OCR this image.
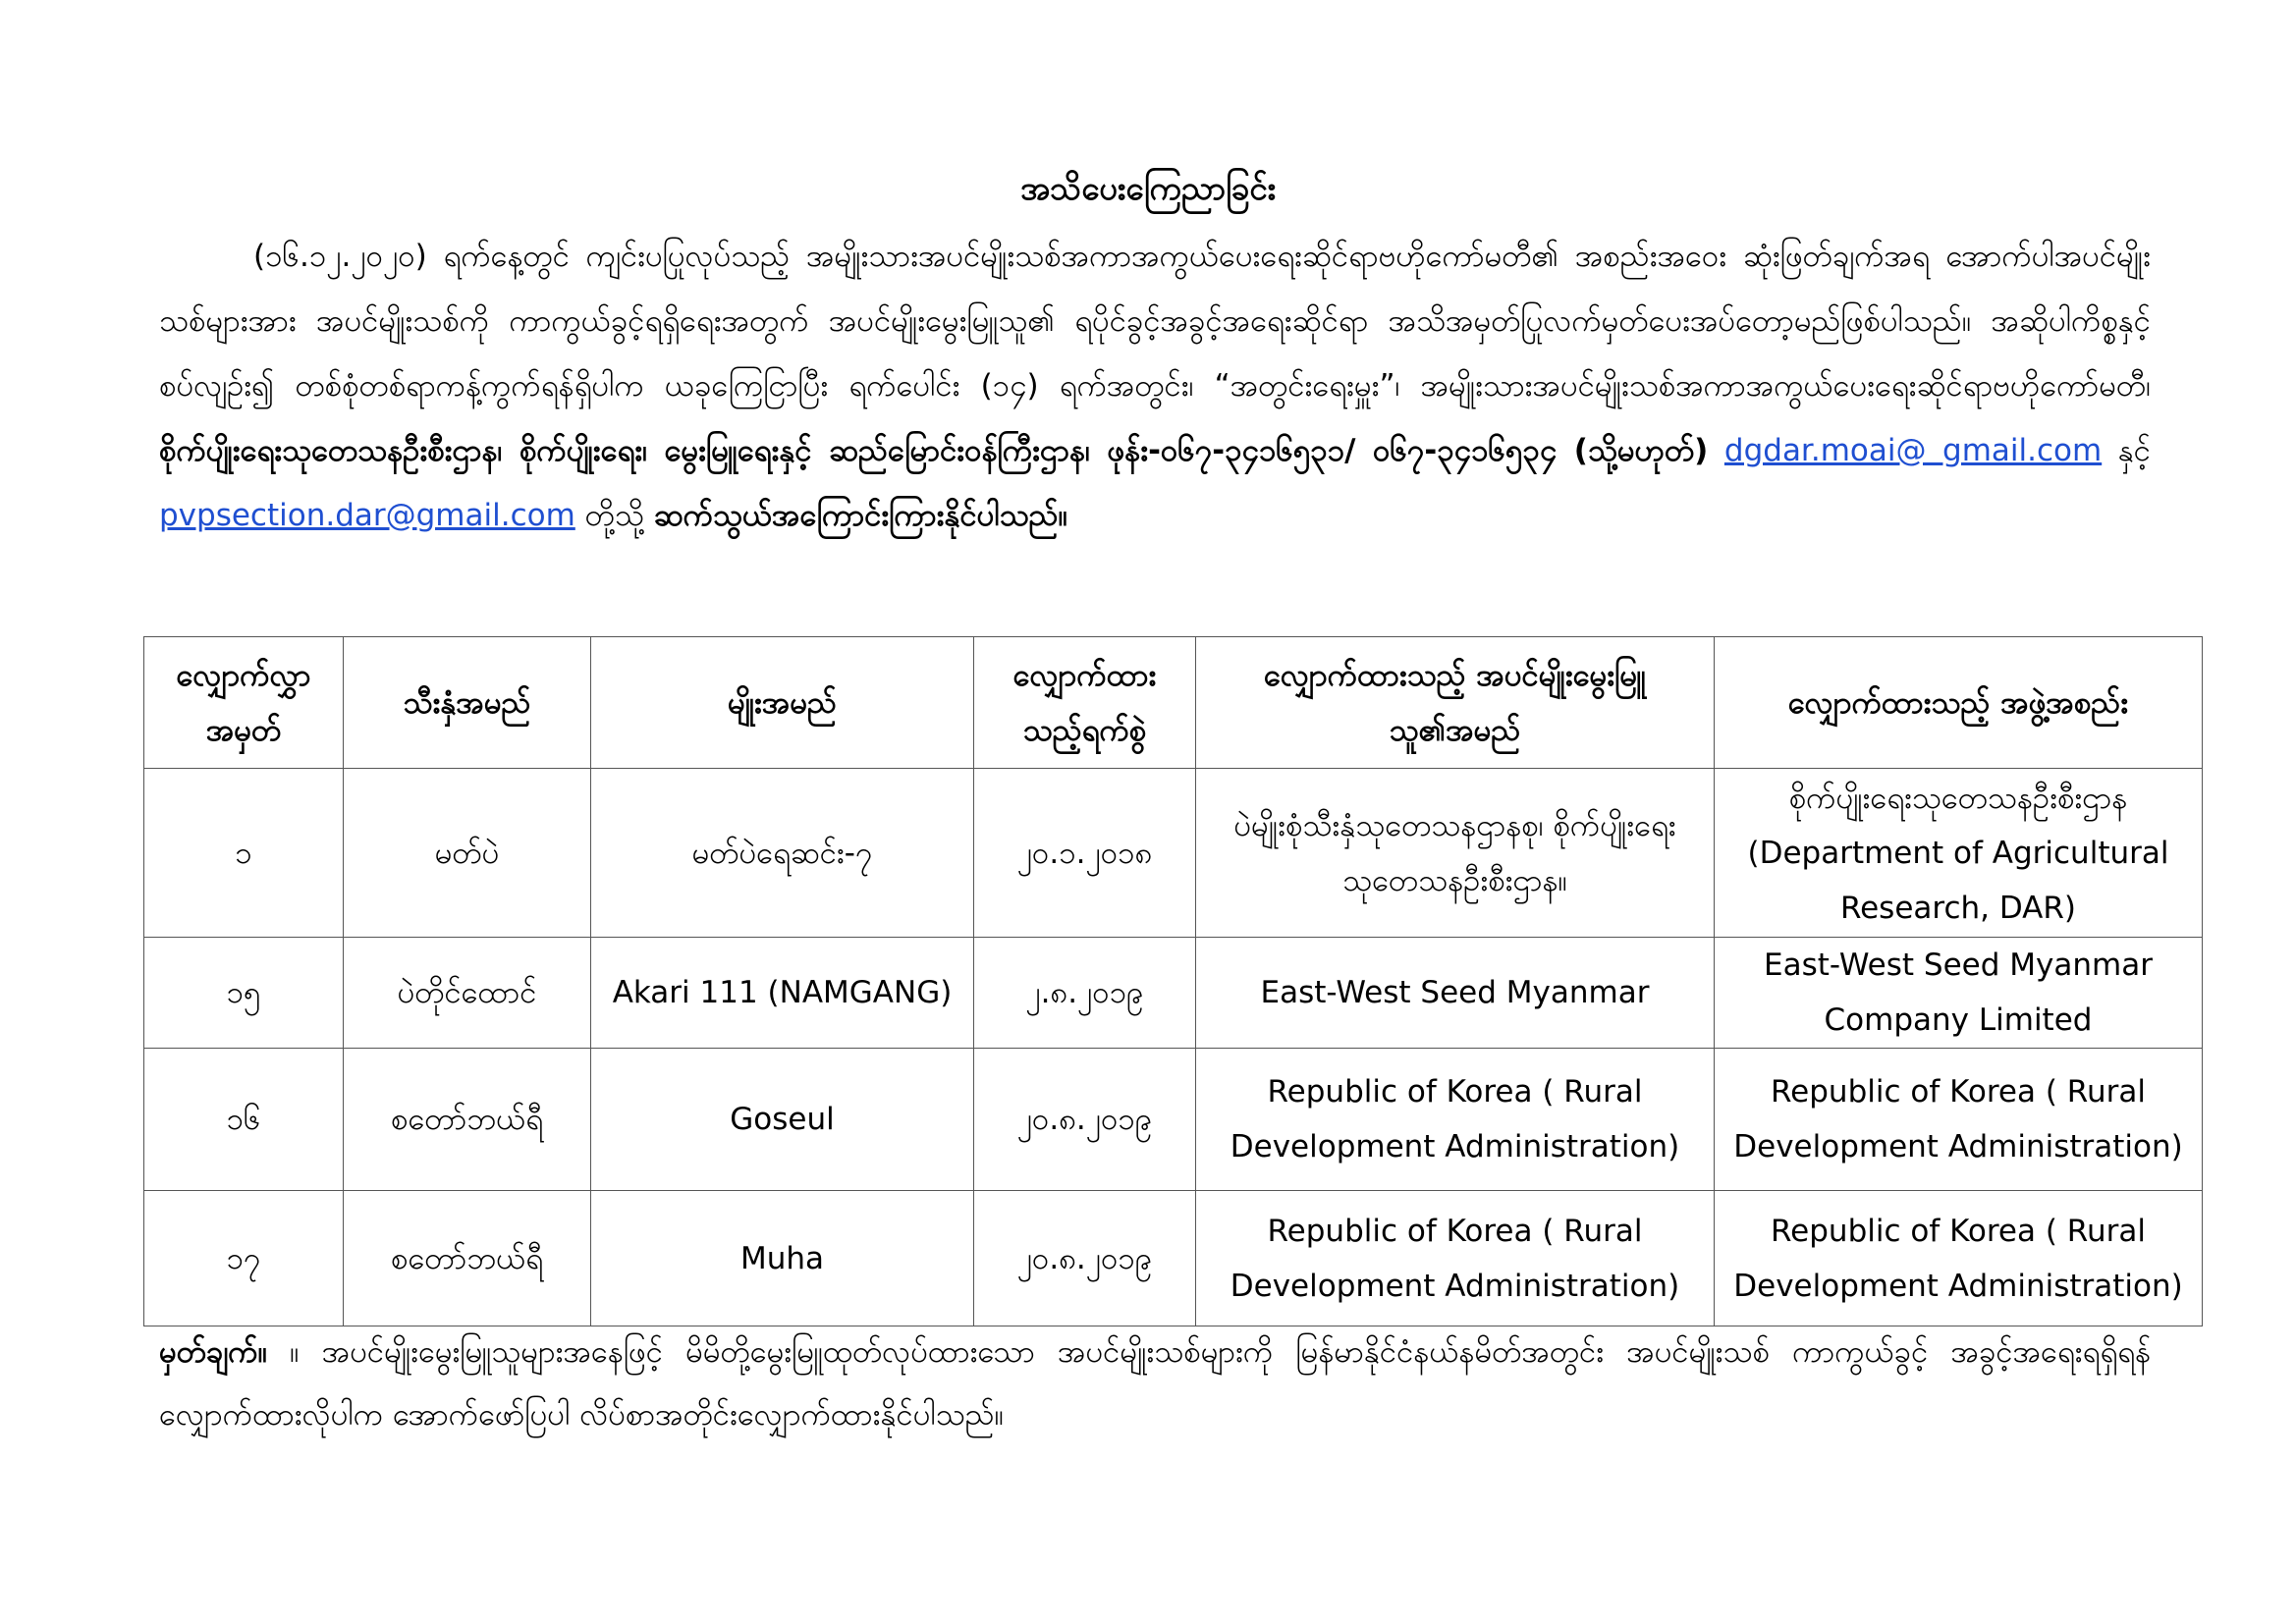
အသိပေးကြေညာခြင်း
(၁၆.၁၂.၂၀၂၀) ရက်နေ့တွင် ကျင်းပပြုလုပ်သည့် အမျိုးသားအပင်မျိုးသစ်အကာအကွယ်ပေးရေးဆိုင်ရာဗဟိုကော်မတီ၏ အစည်းအဝေး ဆုံးဖြတ်ချက်အရ အောက်ပါအပင်မျိုးသစ်များအား အပင်မျိုးသစ်ကို ကာကွယ်ခွင့်ရရှိရေးအတွက် အပင်မျိုးမွေးမြူသူ၏ ရပိုင်ခွင့်အခွင့်အရေးဆိုင်ရာ အသိအမှတ်ပြုလက်မှတ်ပေးအပ်တော့မည်ဖြစ်ပါသည်။ အဆိုပါကိစ္စနှင့်စပ်လျဉ်း၍ တစ်စုံတစ်ရာကန့်ကွက်ရန်ရှိပါက ယခုကြေငြာပြီး ရက်ပေါင်း (၁၄) ရက်အတွင်း၊ “အတွင်းရေးမှူး”၊ အမျိုးသားအပင်မျိုးသစ်အကာအကွယ်ပေးရေးဆိုင်ရာဗဟိုကော်မတီ၊ စိုက်ပျိုးရေးသုတေသနဦးစီးဌာန၊ စိုက်ပျိုးရေး၊ မွေးမြူရေးနှင့် ဆည်မြောင်းဝန်ကြီးဌာန၊ ဖုန်း-၀၆၇-၃၄၁၆၅၃၁/ ၀၆၇-၃၄၁၆၅၃၄ (သို့မဟုတ်) dgdar.moai@ gmail.com နှင့် pvpsection.dar@gmail.com တို့သို့ ဆက်သွယ်အကြောင်းကြားနိုင်ပါသည်။
လျှောက်လွှာ အမှတ်	သီးနှံအမည်	မျိုးအမည်	လျှောက်ထား သည့်ရက်စွဲ	လျှောက်ထားသည့် အပင်မျိုးမွေးမြူ သူ၏အမည်	လျှောက်ထားသည့် အဖွဲ့အစည်း
၁	မတ်ပဲ	မတ်ပဲရေဆင်း-၇	၂၀.၁.၂၀၁၈	ပဲမျိုးစုံသီးနှံသုတေသနဌာနစု၊ စိုက်ပျိုးရေးသုတေသနဦးစီးဌာန။	စိုက်ပျိုးရေးသုတေသနဦးစီးဌာန (Department of Agricultural Research, DAR)
၁၅	ပဲတိုင်ထောင်	Akari 111 (NAMGANG)	၂.၈.၂၀၁၉	East-West Seed Myanmar	East-West Seed Myanmar Company Limited
၁၆	စတော်ဘယ်ရီ	Goseul	၂၀.၈.၂၀၁၉	Republic of Korea ( Rural Development Administration)	Republic of Korea ( Rural Development Administration)
၁၇	စတော်ဘယ်ရီ	Muha	၂၀.၈.၂၀၁၉	Republic of Korea ( Rural Development Administration)	Republic of Korea ( Rural Development Administration)
မှတ်ချက်။ ။ အပင်မျိုးမွေးမြူသူများအနေဖြင့် မိမိတို့မွေးမြူထုတ်လုပ်ထားသော အပင်မျိုးသစ်များကို မြန်မာနိုင်ငံနယ်နမိတ်အတွင်း အပင်မျိုးသစ် ကာကွယ်ခွင့် အခွင့်အရေးရရှိရန် လျှောက်ထားလိုပါက အောက်ဖော်ပြပါ လိပ်စာအတိုင်းလျှောက်ထားနိုင်ပါသည်။
